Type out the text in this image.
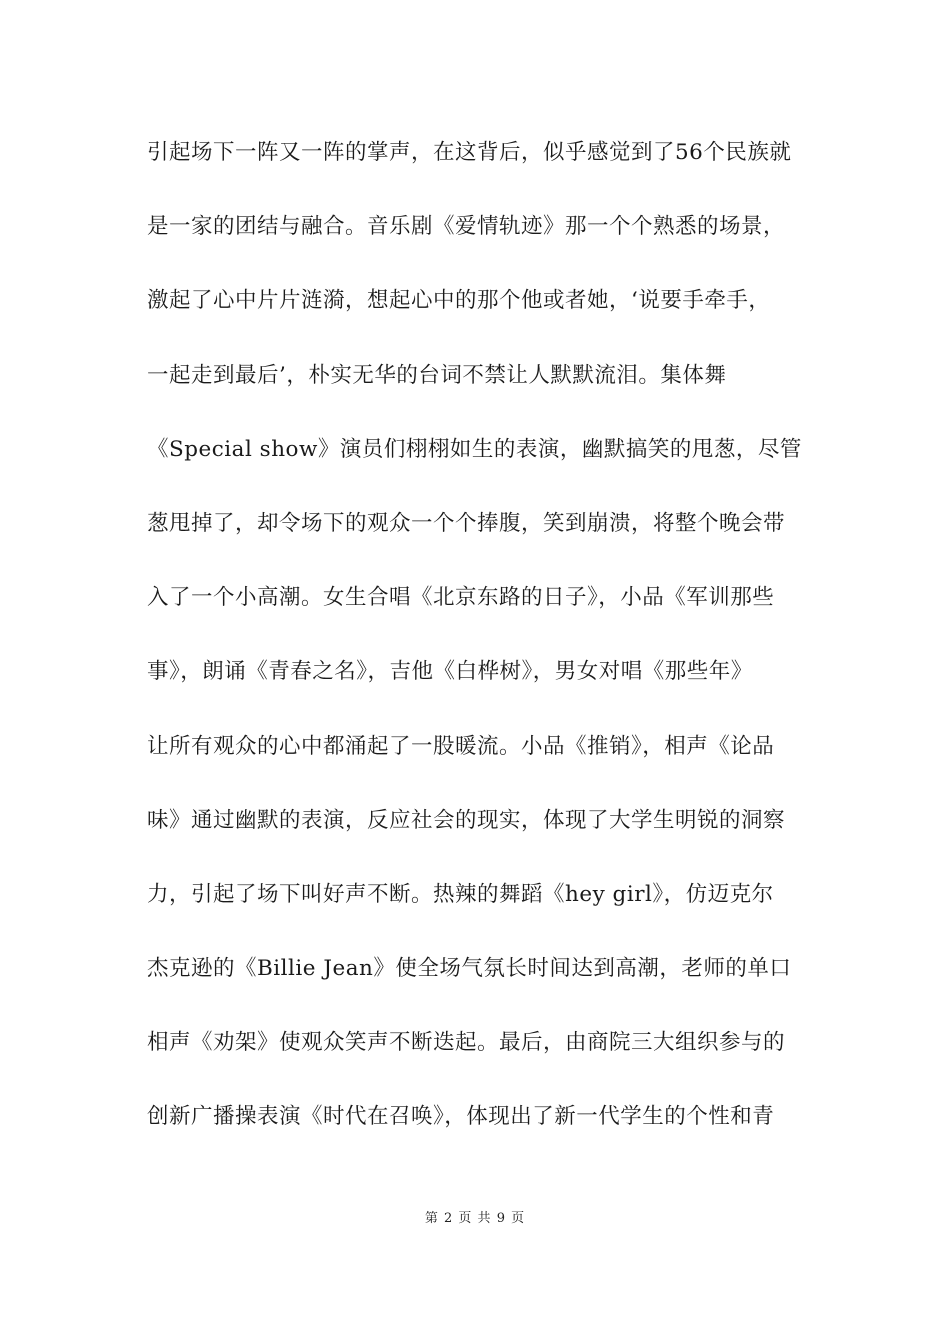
引起场下一阵又一阵的掌声，在这背后，似乎感觉到了56个民族就
是一家的团结与融合。音乐剧《爱情轨迹》那一个个熟悉的场景，
激起了心中片片涟漪，想起心中的那个他或者她，‘说要手牵手，
一起走到最后’，朴实无华的台词不禁让人默默流泪。集体舞
《Special show》演员们栩栩如生的表演，幽默搞笑的甩葱，尽管
葱甩掉了，却令场下的观众一个个捧腹，笑到崩溃，将整个晚会带
入了一个小高潮。女生合唱《北京东路的日子》，小品《军训那些
事》，朗诵《青春之名》，吉他《白桦树》，男女对唱《那些年》
让所有观众的心中都涌起了一股暖流。小品《推销》，相声《论品
味》通过幽默的表演，反应社会的现实，体现了大学生明锐的洞察
力，引起了场下叫好声不断。热辣的舞蹈《hey girl》，仿迈克尔
杰克逊的《Billie Jean》使全场气氛长时间达到高潮，老师的单口
相声《劝架》使观众笑声不断迭起。最后，由商院三大组织参与的
创新广播操表演《时代在召唤》，体现出了新一代学生的个性和青
第 2 页 共 9 页
